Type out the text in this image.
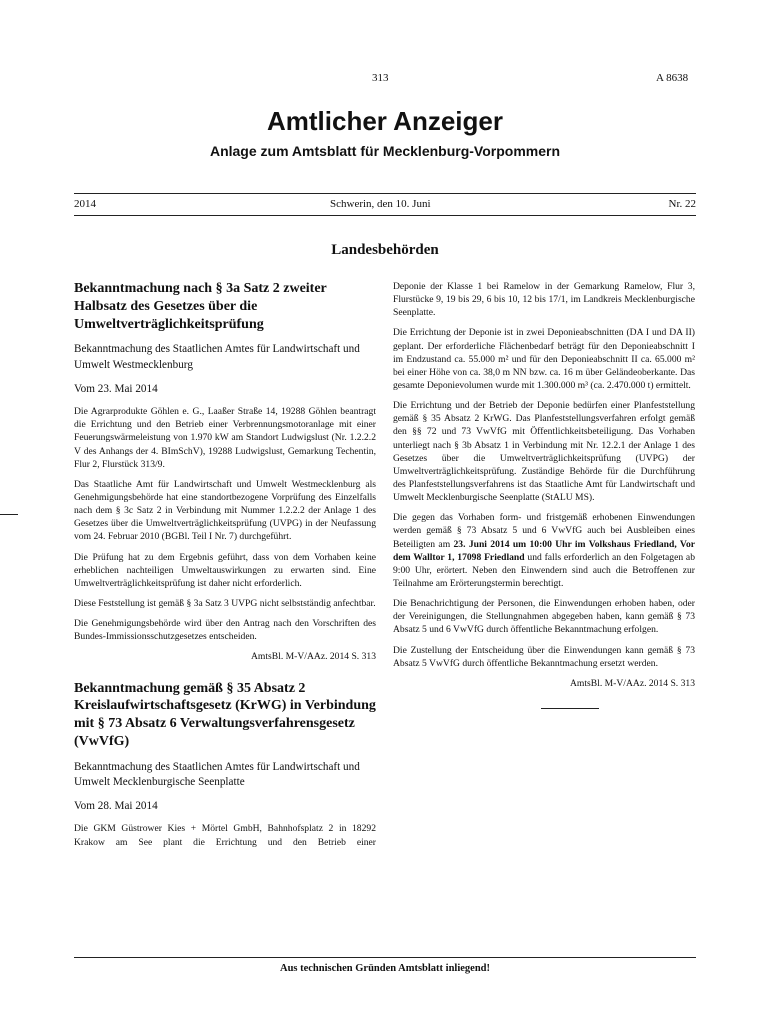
313	A 8638
Amtlicher Anzeiger
Anlage zum Amtsblatt für Mecklenburg-Vorpommern
2014	Schwerin, den 10. Juni	Nr. 22
Landesbehörden
Bekanntmachung nach § 3a Satz 2 zweiter Halbsatz des Gesetzes über die Umweltverträglichkeitsprüfung
Bekanntmachung des Staatlichen Amtes für Landwirtschaft und Umwelt Westmecklenburg
Vom 23. Mai 2014

Die Agrarprodukte Göhlen e. G., Laaßer Straße 14, 19288 Göhlen beantragt die Errichtung und den Betrieb einer Verbrennungsmotoranlage mit einer Feuerungswärmeleistung von 1.970 kW am Standort Ludwigslust (Nr. 1.2.2.2 V des Anhangs der 4. BImSchV), 19288 Ludwigslust, Gemarkung Techentin, Flur 2, Flurstück 313/9.

Das Staatliche Amt für Landwirtschaft und Umwelt Westmecklenburg als Genehmigungsbehörde hat eine standortbezogene Vorprüfung des Einzelfalls nach dem § 3c Satz 2 in Verbindung mit Nummer 1.2.2.2 der Anlage 1 des Gesetzes über die Umweltverträglichkeitsprüfung (UVPG) in der Neufassung vom 24. Februar 2010 (BGBl. Teil I Nr. 7) durchgeführt.

Die Prüfung hat zu dem Ergebnis geführt, dass von dem Vorhaben keine erheblichen nachteiligen Umweltauswirkungen zu erwarten sind. Eine Umweltverträglichkeitsprüfung ist daher nicht erforderlich.

Diese Feststellung ist gemäß § 3a Satz 3 UVPG nicht selbstständig anfechtbar.

Die Genehmigungsbehörde wird über den Antrag nach den Vorschriften des Bundes-Immissionsschutzgesetzes entscheiden.

AmtsBl. M-V/AAz. 2014 S. 313
Bekanntmachung gemäß § 35 Absatz 2 Kreislaufwirtschaftsgesetz (KrWG) in Verbindung mit § 73 Absatz 6 Verwaltungsverfahrensgesetz (VwVfG)
Bekanntmachung des Staatlichen Amtes für Landwirtschaft und Umwelt Mecklenburgische Seenplatte
Vom 28. Mai 2014

Die GKM Güstrower Kies + Mörtel GmbH, Bahnhofsplatz 2 in 18292 Krakow am See plant die Errichtung und den Betrieb einer

Deponie der Klasse 1 bei Ramelow in der Gemarkung Ramelow, Flur 3, Flurstücke 9, 19 bis 29, 6 bis 10, 12 bis 17/1, im Landkreis Mecklenburgische Seenplatte.

Die Errichtung der Deponie ist in zwei Deponieabschnitten (DA I und DA II) geplant. Der erforderliche Flächenbedarf beträgt für den Deponieabschnitt I im Endzustand ca. 55.000 m² und für den Deponieabschnitt II ca. 65.000 m² bei einer Höhe von ca. 38,0 m NN bzw. ca. 16 m über Geländeoberkante. Das gesamte Deponievolumen wurde mit 1.300.000 m³ (ca. 2.470.000 t) ermittelt.

Die Errichtung und der Betrieb der Deponie bedürfen einer Planfeststellung gemäß § 35 Absatz 2 KrWG. Das Planfeststellungsverfahren erfolgt gemäß den §§ 72 und 73 VwVfG mit Öffentlichkeitsbeteiligung. Das Vorhaben unterliegt nach § 3b Absatz 1 in Verbindung mit Nr. 12.2.1 der Anlage 1 des Gesetzes über die Umweltverträglichkeitsprüfung (UVPG) der Umweltverträglichkeitsprüfung. Zuständige Behörde für die Durchführung des Planfeststellungsverfahrens ist das Staatliche Amt für Landwirtschaft und Umwelt Mecklenburgische Seenplatte (StALU MS).

Die gegen das Vorhaben form- und fristgemäß erhobenen Einwendungen werden gemäß § 73 Absatz 5 und 6 VwVfG auch bei Ausbleiben eines Beteiligten am 23. Juni 2014 um 10:00 Uhr im Volkshaus Friedland, Vor dem Walltor 1, 17098 Friedland und falls erforderlich an den Folgetagen ab 9:00 Uhr, erörtert. Neben den Einwendern sind auch die Betroffenen zur Teilnahme am Erörterungstermin berechtigt.

Die Benachrichtigung der Personen, die Einwendungen erhoben haben, oder der Vereinigungen, die Stellungnahmen abgegeben haben, kann gemäß § 73 Absatz 5 und 6 VwVfG durch öffentliche Bekanntmachung erfolgen.

Die Zustellung der Entscheidung über die Einwendungen kann gemäß § 73 Absatz 5 VwVfG durch öffentliche Bekanntmachung ersetzt werden.

AmtsBl. M-V/AAz. 2014 S. 313
Aus technischen Gründen Amtsblatt inliegend!
